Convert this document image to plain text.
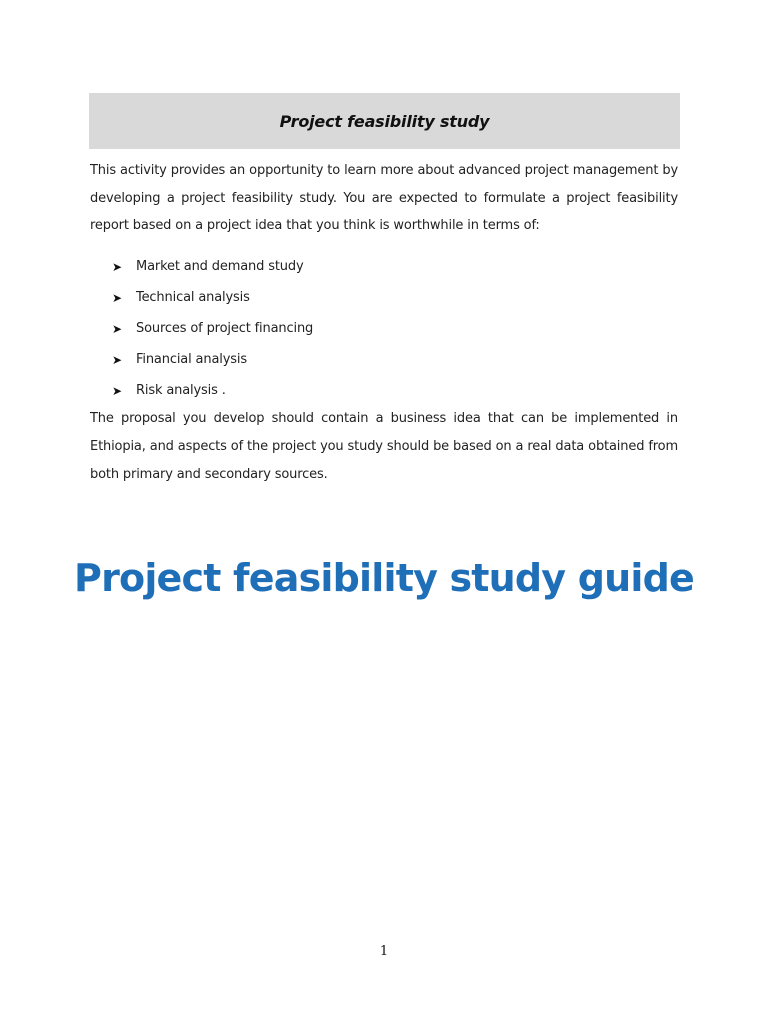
Project feasibility study

This activity provides an opportunity to learn more about advanced project management by developing a project feasibility study. You are expected to formulate a project feasibility report based on a project idea that you think is worthwhile in terms of:

➤	Market and demand study
➤	Technical analysis
➤	Sources of project financing
➤	Financial analysis
➤	Risk analysis .

The proposal you develop should contain a business idea that can be implemented in Ethiopia, and aspects of the project you study should be based on a real data obtained from both primary and secondary sources.

Project feasibility study guide
1
